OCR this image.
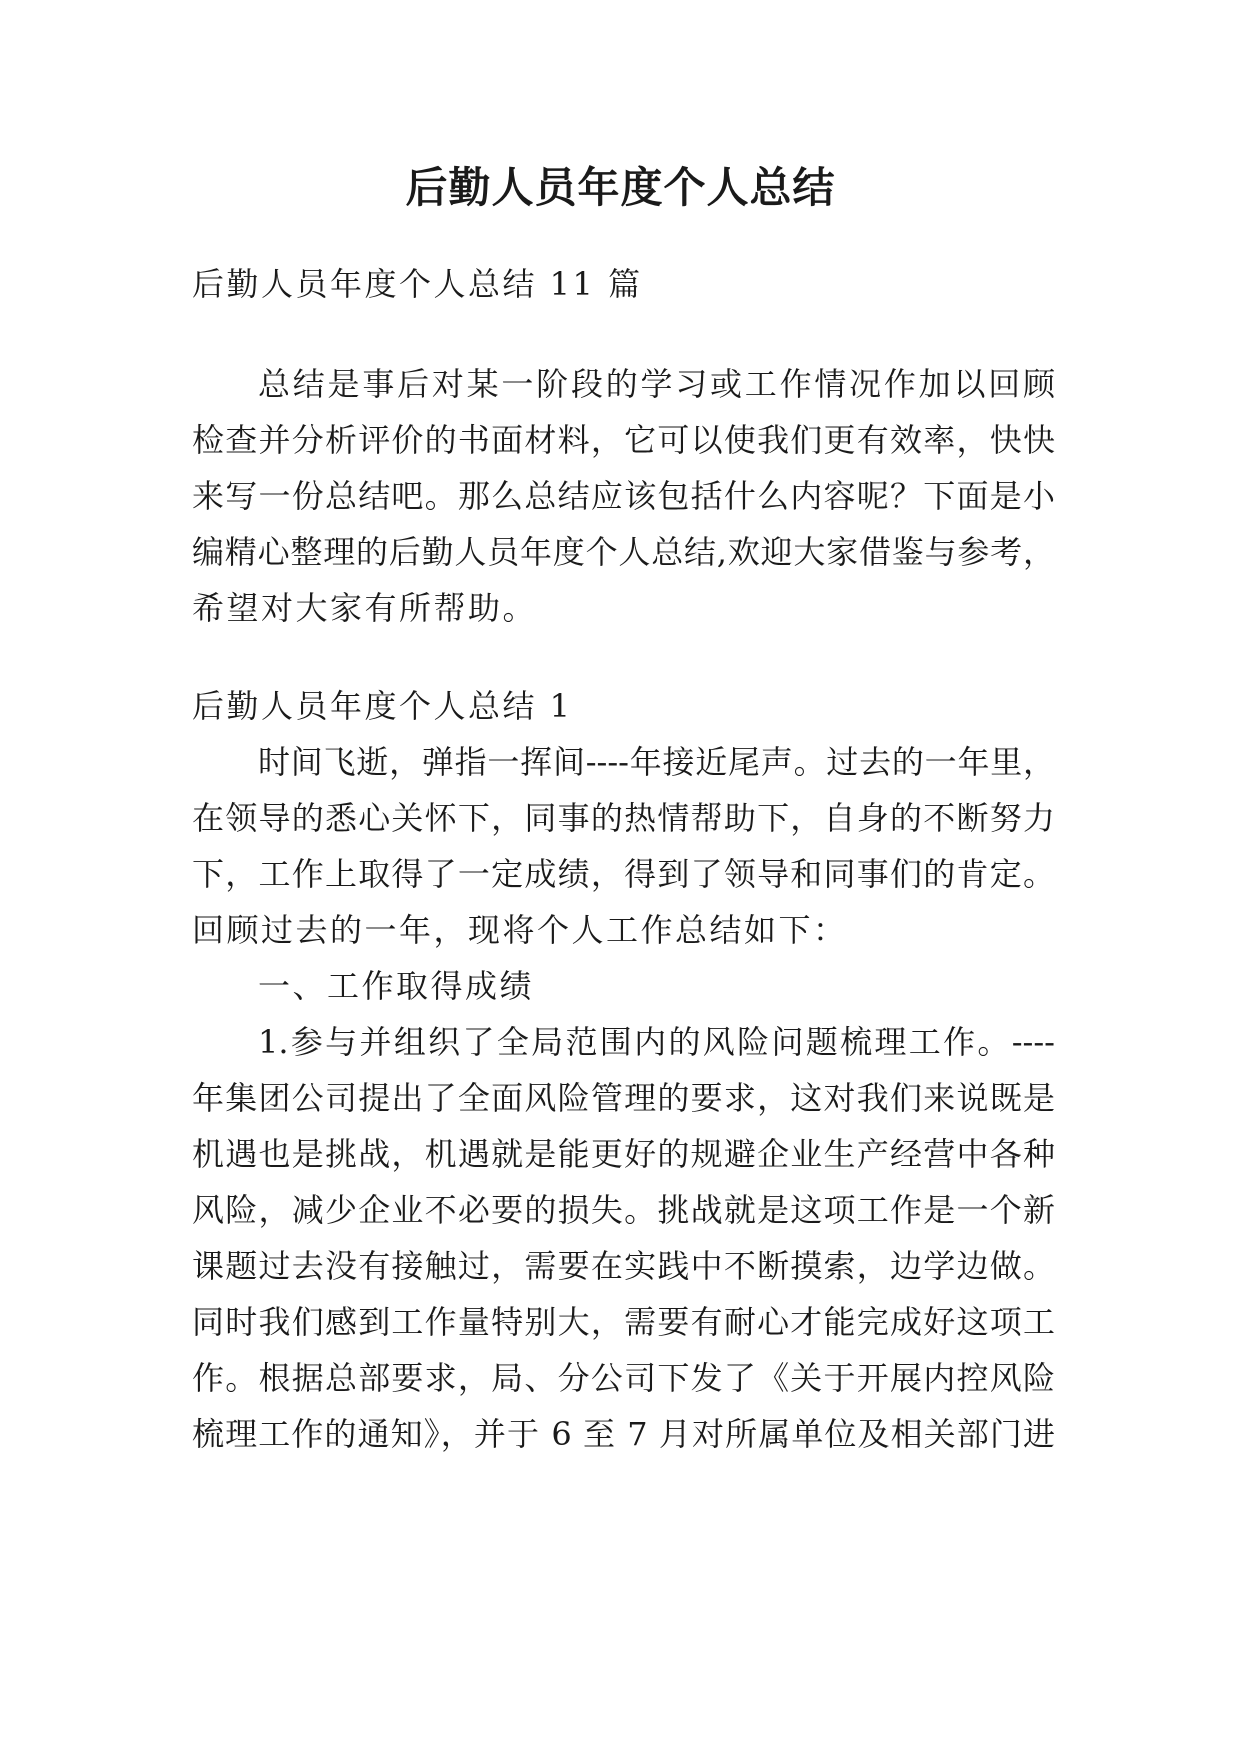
后勤人员年度个人总结
后勤人员年度个人总结 11 篇
总结是事后对某一阶段的学习或工作情况作加以回顾
检查并分析评价的书面材料，它可以使我们更有效率，快快
来写一份总结吧。那么总结应该包括什么内容呢？下面是小
编精心整理的后勤人员年度个人总结,欢迎大家借鉴与参考，
希望对大家有所帮助。
后勤人员年度个人总结 1
时间飞逝，弹指一挥间----年接近尾声。过去的一年里，
在领导的悉心关怀下，同事的热情帮助下，自身的不断努力
下，工作上取得了一定成绩，得到了领导和同事们的肯定。
回顾过去的一年，现将个人工作总结如下：
一、工作取得成绩
1.参与并组织了全局范围内的风险问题梳理工作。----
年集团公司提出了全面风险管理的要求，这对我们来说既是
机遇也是挑战，机遇就是能更好的规避企业生产经营中各种
风险，减少企业不必要的损失。挑战就是这项工作是一个新
课题过去没有接触过，需要在实践中不断摸索，边学边做。
同时我们感到工作量特别大，需要有耐心才能完成好这项工
作。根据总部要求，局、分公司下发了《关于开展内控风险
梳理工作的通知》，并于 6 至 7 月对所属单位及相关部门进
